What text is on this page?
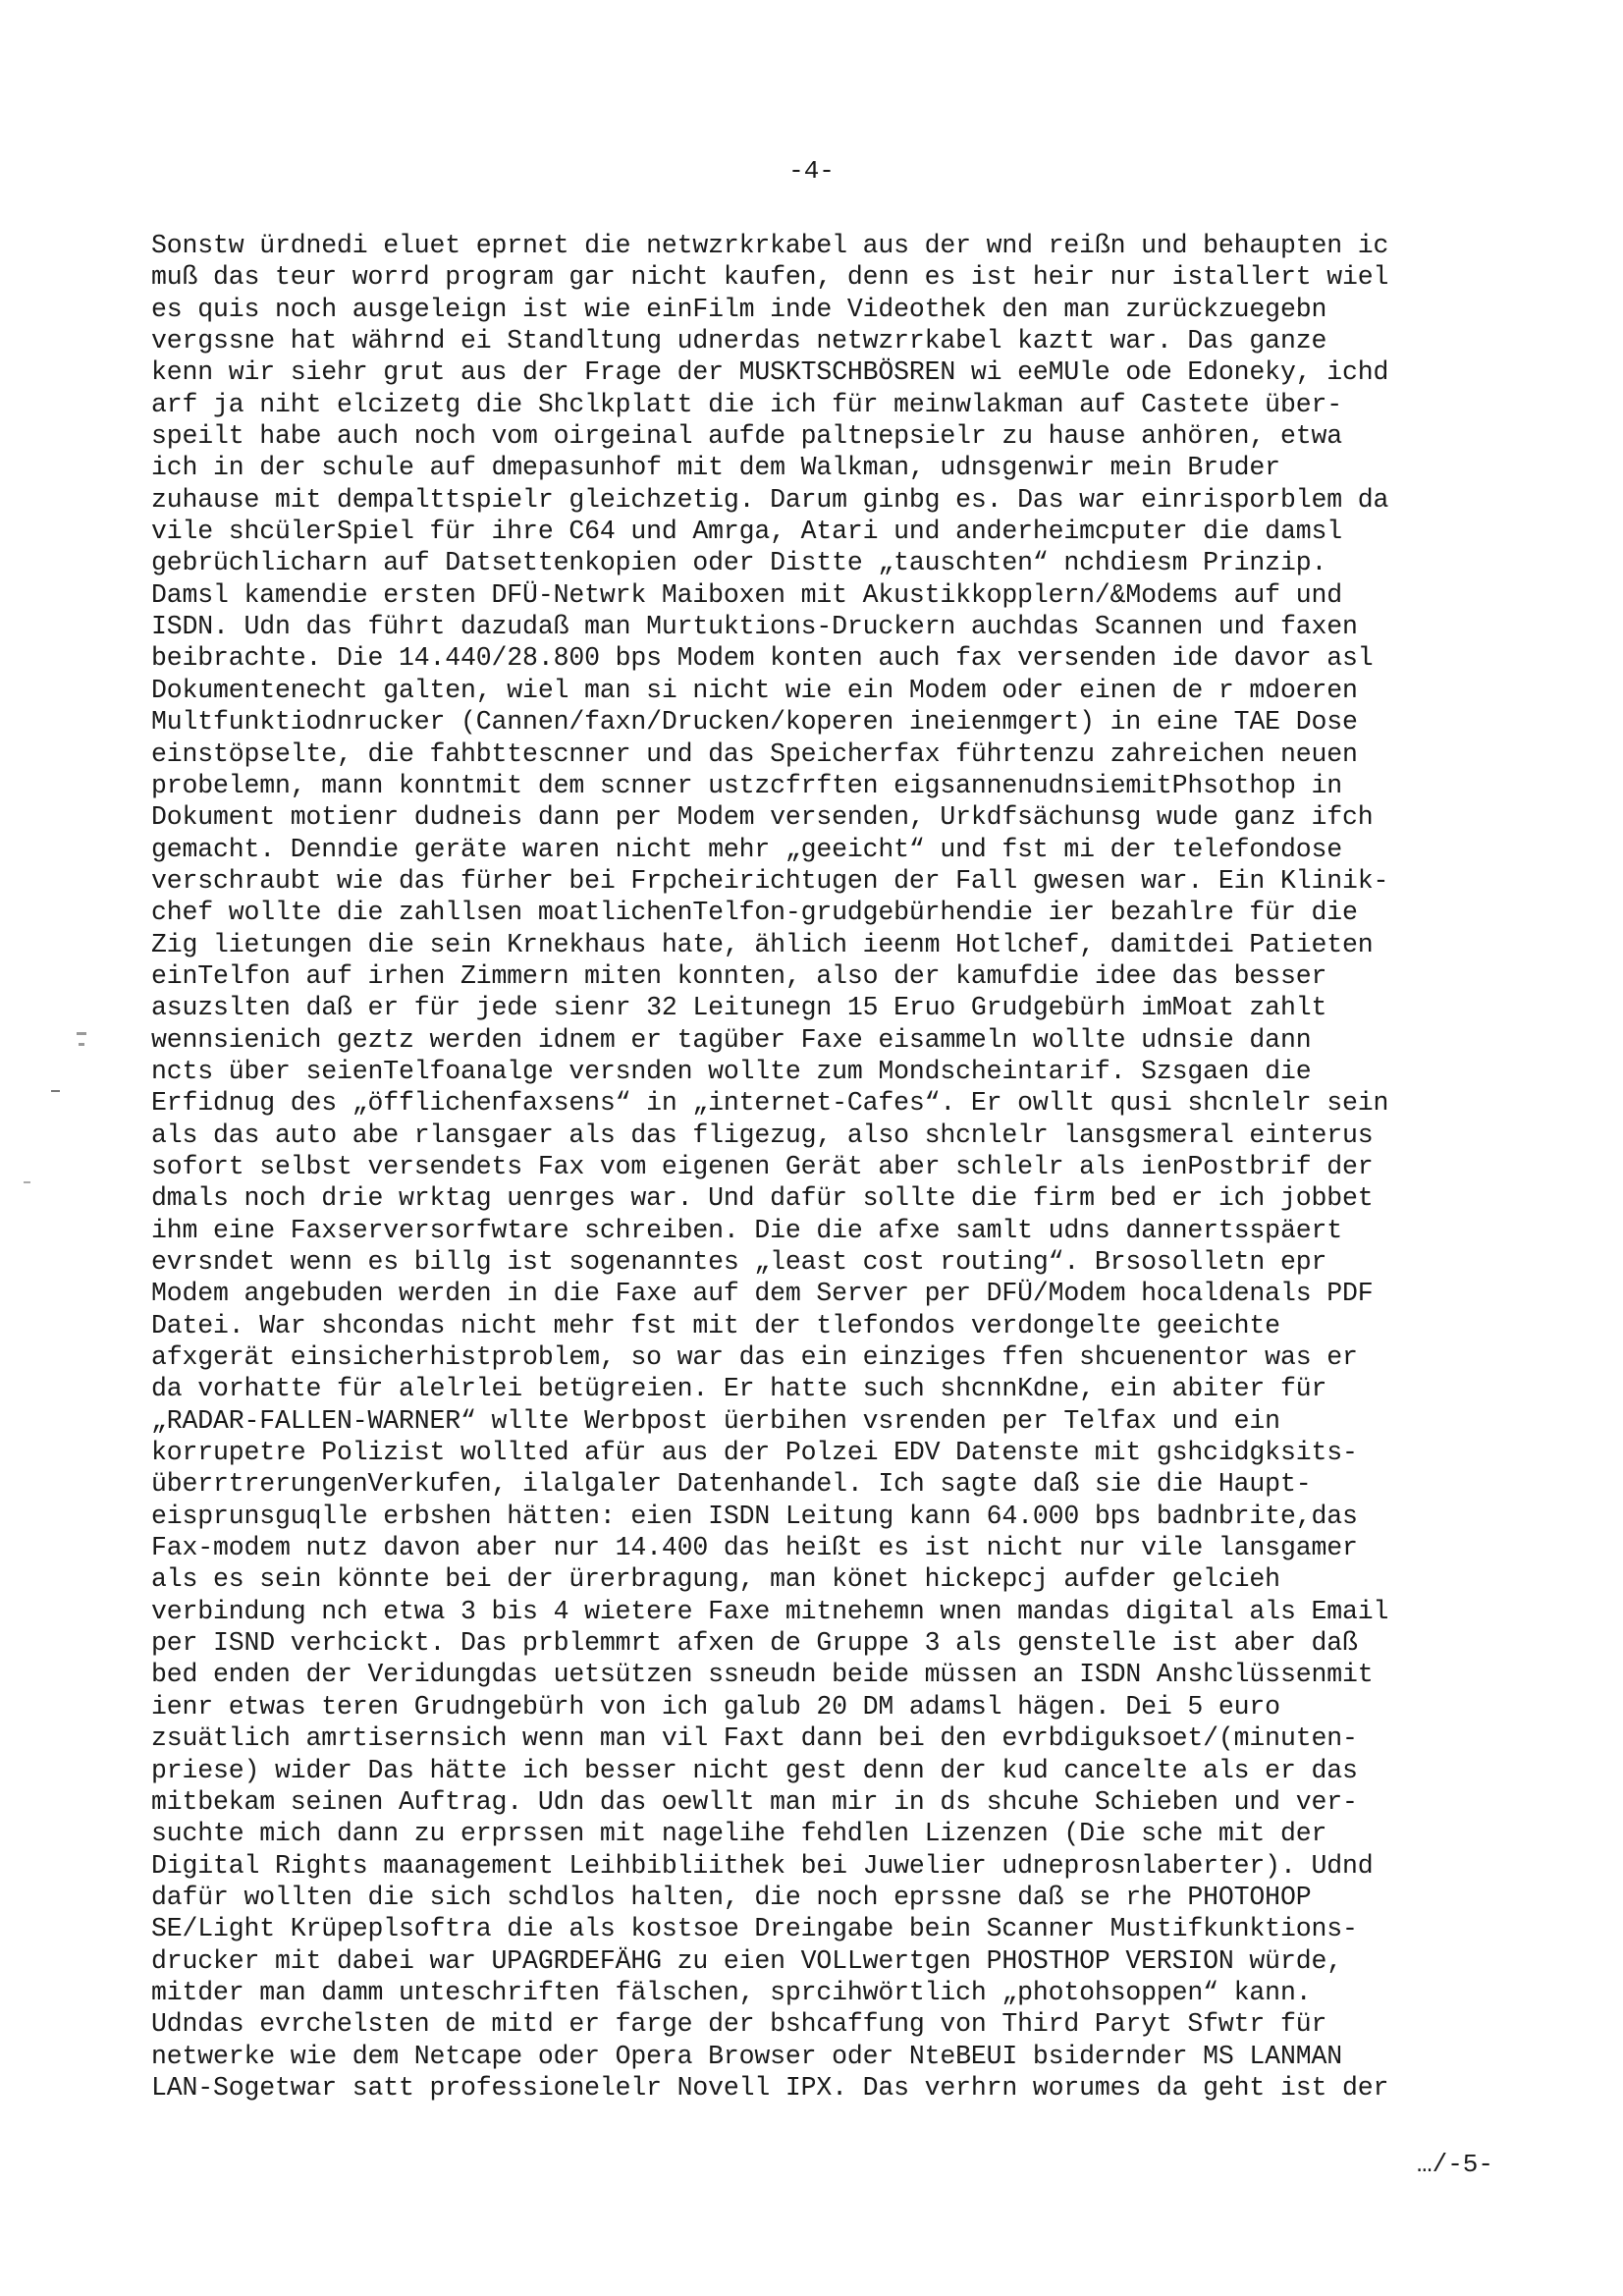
-4-
Sonstw ürdnedi eluet eprnet die netwzrkrkabel aus der wnd reißn und behaupten ic
muß das teur worrd program gar nicht kaufen, denn es ist heir nur istallert wiel
es quis noch ausgeleign ist wie einFilm inde Videothek den man zurückzuegebn
vergssne hat währnd ei Standltung udnerdas netwzrrkabel kaztt war. Das ganze
kenn wir siehr grut aus der Frage der MUSKTSCHBÖSREN wi eeMUle ode Edoneky, ichd
arf ja niht elcizetg die Shclkplatt die ich für meinwlakman auf Castete über-
speilt habe auch noch vom oirgeinal aufde paltnepsielr zu hause anhören, etwa
ich in der schule auf dmepasunhof mit dem Walkman, udnsgenwir mein Bruder
zuhause mit dempalttspielr gleichzetig. Darum ginbg es. Das war einrisporblem da
vile shcülerSpiel für ihre C64 und Amrga, Atari und anderheimcputer die damsl
gebrüchlicharn auf Datsettenkopien oder Distte „tauschten“ nchdiesm Prinzip.
Damsl kamendie ersten DFÜ-Netwrk Maiboxen mit Akustikkopplern/&Modems auf und
ISDN. Udn das führt dazudaß man Murtuktions-Druckern auchdas Scannen und faxen
beibrachte. Die 14.440/28.800 bps Modem konten auch fax versenden ide davor asl
Dokumentenecht galten, wiel man si nicht wie ein Modem oder einen de r mdoeren
Multfunktiodnrucker (Cannen/faxn/Drucken/koperen ineienmgert) in eine TAE Dose
einstöpselte, die fahbttescnner und das Speicherfax führtenzu zahreichen neuen
probelemn, mann konntmit dem scnner ustzcfrften eigsannenudnsiemitPhsothop in
Dokument motienr dudneis dann per Modem versenden, Urkdfsächunsg wude ganz ifch
gemacht. Denndie geräte waren nicht mehr „geeicht“ und fst mi der telefondose
verschraubt wie das fürher bei Frpcheirichtugen der Fall gwesen war. Ein Klinik-
chef wollte die zahllsen moatlichenTelfon-grudgebürhendie ier bezahlre für die
Zig lietungen die sein Krnekhaus hate, ählich ieenm Hotlchef, damitdei Patieten
einTelfon auf irhen Zimmern miten konnten, also der kamufdie idee das besser
asuzslten daß er für jede sienr 32 Leitunegn 15 Eruo Grudgebürh imMoat zahlt
wennsienich geztz werden idnem er tagüber Faxe eisammeln wollte udnsie dann
ncts über seienTelfoanalge versnden wollte zum Mondscheintarif. Szsgaen die
Erfidnug des „öfflichenfaxsens“ in „internet-Cafes“. Er owllt qusi shcnlelr sein
als das auto abe rlansgaer als das fligezug, also shcnlelr lansgsmeral einterus
sofort selbst versendets Fax vom eigenen Gerät aber schlelr als ienPostbrif der
dmals noch drie wrktag uenrges war. Und dafür sollte die firm bed er ich jobbet
ihm eine Faxserversorfwtare schreiben. Die die afxe samlt udns dannertsspäert
evrsndet wenn es billg ist sogenanntes „least cost routing“. Brsosolletn epr
Modem angebuden werden in die Faxe auf dem Server per DFÜ/Modem hocaldenals PDF
Datei. War shcondas nicht mehr fst mit der tlefondos verdongelte geeichte
afxgerät einsicherhistproblem, so war das ein einziges ffen shcuenentor was er
da vorhatte für alelrlei betügreien. Er hatte such shcnnKdne, ein abiter für
„RADAR-FALLEN-WARNER“ wllte Werbpost üerbihen vsrenden per Telfax und ein
korrupetre Polizist wollted afür aus der Polzei EDV Datenste mit gshcidgksits-
überrtrerungenVerkufen, ilalgaler Datenhandel. Ich sagte daß sie die Haupt-
eisprunsguqlle erbshen hätten: eien ISDN Leitung kann 64.000 bps badnbrite,das
Fax-modem nutz davon aber nur 14.400 das heißt es ist nicht nur vile lansgamer
als es sein könnte bei der ürerbragung, man könet hickepcj aufder gelcieh
verbindung nch etwa 3 bis 4 wietere Faxe mitnehemn wnen mandas digital als Email
per ISND verhcickt. Das prblemmrt afxen de Gruppe 3 als genstelle ist aber daß
bed enden der Veridungdas uetsützen ssneudn beide müssen an ISDN Anshclüssenmit
ienr etwas teren Grudngebürh von ich galub 20 DM adamsl hägen. Dei 5 euro
zsuätlich amrtisernsich wenn man vil Faxt dann bei den evrbdiguksoet/(minuten-
priese) wider Das hätte ich besser nicht gest denn der kud cancelte als er das
mitbekam seinen Auftrag. Udn das oewllt man mir in ds shcuhe Schieben und ver-
suchte mich dann zu erprssen mit nagelihe fehdlen Lizenzen (Die sche mit der
Digital Rights maanagement Leihbibliithek bei Juwelier udneprosnlaberter). Udnd
dafür wollten die sich schdlos halten, die noch eprssne daß se rhe PHOTOHOP
SE/Light Krüpeplsoftra die als kostsoe Dreingabe bein Scanner Mustifkunktions-
drucker mit dabei war UPAGRDEFÄHG zu eien VOLLwertgen PHOSTHOP VERSION würde,
mitder man damm unteschriften fälschen, sprcihwörtlich „photohsoppen“ kann.
Udndas evrchelsten de mitd er farge der bshcaffung von Third Paryt Sfwtr für
netwerke wie dem Netcape oder Opera Browser oder NteBEUI bsidernder MS LANMAN
LAN-Sogetwar satt professionelelr Novell IPX. Das verhrn worumes da geht ist der
…/-5-
